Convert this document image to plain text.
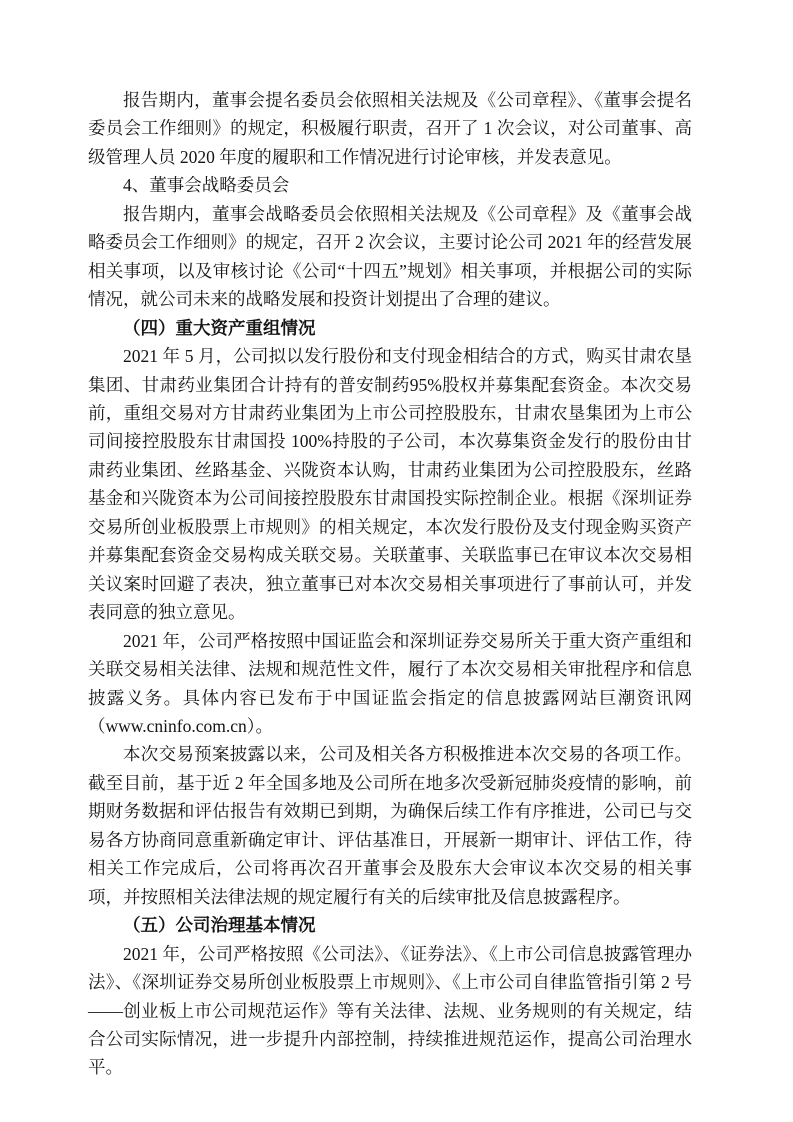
报告期内，董事会提名委员会依照相关法规及《公司章程》、《董事会提名委员会工作细则》的规定，积极履行职责，召开了 1 次会议，对公司董事、高级管理人员 2020 年度的履职和工作情况进行讨论审核，并发表意见。

4、董事会战略委员会

报告期内，董事会战略委员会依照相关法规及《公司章程》及《董事会战略委员会工作细则》的规定，召开 2 次会议，主要讨论公司 2021 年的经营发展相关事项，以及审核讨论《公司“十四五”规划》相关事项，并根据公司的实际情况，就公司未来的战略发展和投资计划提出了合理的建议。

（四）重大资产重组情况

2021 年 5 月，公司拟以发行股份和支付现金相结合的方式，购买甘肃农垦集团、甘肃药业集团合计持有的普安制药95%股权并募集配套资金。本次交易前，重组交易对方甘肃药业集团为上市公司控股股东，甘肃农垦集团为上市公司间接控股股东甘肃国投 100%持股的子公司，本次募集资金发行的股份由甘肃药业集团、丝路基金、兴陇资本认购，甘肃药业集团为公司控股股东，丝路基金和兴陇资本为公司间接控股股东甘肃国投实际控制企业。根据《深圳证券交易所创业板股票上市规则》的相关规定，本次发行股份及支付现金购买资产并募集配套资金交易构成关联交易。关联董事、关联监事已在审议本次交易相关议案时回避了表决，独立董事已对本次交易相关事项进行了事前认可，并发表同意的独立意见。

2021 年，公司严格按照中国证监会和深圳证券交易所关于重大资产重组和关联交易相关法律、法规和规范性文件，履行了本次交易相关审批程序和信息披露义务。具体内容已发布于中国证监会指定的信息披露网站巨潮资讯网（www.cninfo.com.cn）。

本次交易预案披露以来，公司及相关各方积极推进本次交易的各项工作。截至目前，基于近 2 年全国多地及公司所在地多次受新冠肺炎疫情的影响，前期财务数据和评估报告有效期已到期，为确保后续工作有序推进，公司已与交易各方协商同意重新确定审计、评估基准日，开展新一期审计、评估工作，待相关工作完成后，公司将再次召开董事会及股东大会审议本次交易的相关事项，并按照相关法律法规的规定履行有关的后续审批及信息披露程序。

（五）公司治理基本情况

2021 年，公司严格按照《公司法》、《证券法》、《上市公司信息披露管理办法》、《深圳证券交易所创业板股票上市规则》、《上市公司自律监管指引第 2 号——创业板上市公司规范运作》等有关法律、法规、业务规则的有关规定，结合公司实际情况，进一步提升内部控制，持续推进规范运作，提高公司治理水平。
